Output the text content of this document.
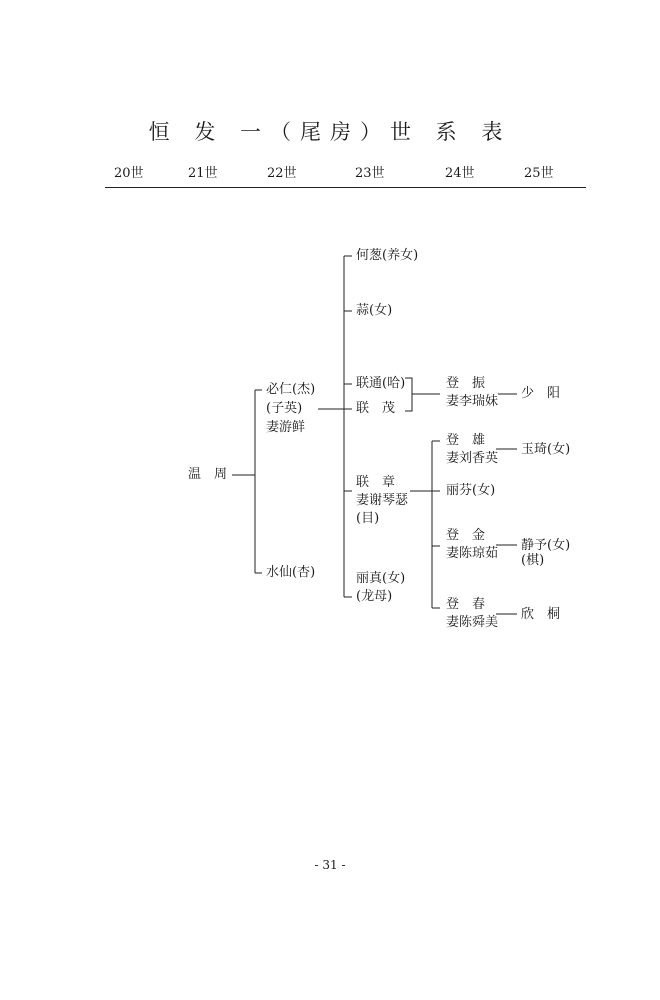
恒 发 一（尾房）世 系 表
20世	21世	22世	23世	24世	25世
温　周
必仁(杰)
(子英)
妻游鲜
水仙(杏)
何葱(养女)
蒜(女)
联通(哈)
联　茂
联　章
妻谢琴瑟
(目)
丽真(女)
(龙母)
登　振
妻李瑞妹
登　雄
妻刘香英
丽芬(女)
登　金
妻陈琼茹
登　春
妻陈舜美
少　阳
玉琦(女)
静予(女)
(棋)
欣　桐
- 31 -
